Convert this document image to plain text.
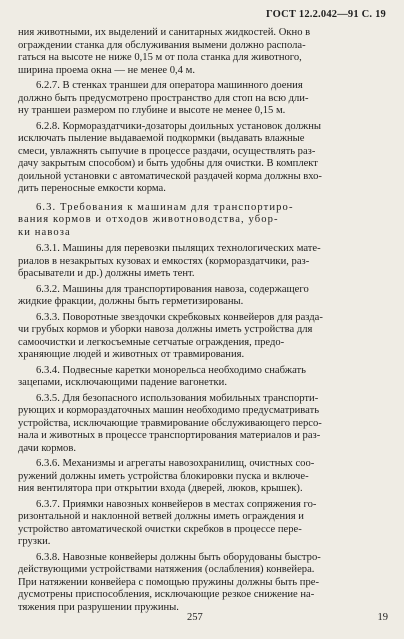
ГОСТ 12.2.042—91 С. 19
ния животными, их выделений и санитарных жидкостей. Окно в
ограждении станка для обслуживания вымени должно распола-
гаться на высоте не ниже 0,15 м от пола станка для животного,
ширина проема окна — не менее 0,4 м.
6.2.7. В стенках траншеи для оператора машинного доения
должно быть предусмотрено пространство для стоп на всю дли-
ну траншеи размером по глубине и высоте не менее 0,15 м.
6.2.8. Кормораздатчики-дозаторы доильных установок должны
исключать пыление выдаваемой подкормки (выдавать влажные
смеси, увлажнять сыпучие в процессе раздачи, осуществлять раз-
дачу закрытым способом) и быть удобны для очистки. В комплект
доильной установки с автоматической раздачей корма должны вхо-
дить переносные емкости корма.
6.3. Требования к машинам для транспортиро-
вания кормов и отходов животноводства, убор-
ки навоза
6.3.1. Машины для перевозки пылящих технологических мате-
риалов в незакрытых кузовах и емкостях (кормораздатчики, раз-
брасыватели и др.) должны иметь тент.
6.3.2. Машины для транспортирования навоза, содержащего
жидкие фракции, должны быть герметизированы.
6.3.3. Поворотные звездочки скребковых конвейеров для разда-
чи грубых кормов и уборки навоза должны иметь устройства для
самоочистки и легкосъемные сетчатые ограждения, предо-
храняющие людей и животных от травмирования.
6.3.4. Подвесные каретки монорельса необходимо снабжать
зацепами, исключающими падение вагонетки.
6.3.5. Для безопасного использования мобильных транспорти-
рующих и кормораздаточных машин необходимо предусматривать
устройства, исключающие травмирование обслуживающего персо-
нала и животных в процессе транспортирования материалов и раз-
дачи кормов.
6.3.6. Механизмы и агрегаты навозохранилищ, очистных соо-
ружений должны иметь устройства блокировки пуска и включе-
ния вентилятора при открытии входа (дверей, люков, крышек).
6.3.7. Приямки навозных конвейеров в местах сопряжения го-
ризонтальной и наклонной ветвей должны иметь ограждения и
устройство автоматической очистки скребков в процессе пере-
грузки.
6.3.8. Навозные конвейеры должны быть оборудованы быстро-
действующими устройствами натяжения (ослабления) конвейера.
При натяжении конвейера с помощью пружины должны быть пре-
дусмотрены приспособления, исключающие резкое снижение на-
тяжения при разрушении пружины.
257	19
